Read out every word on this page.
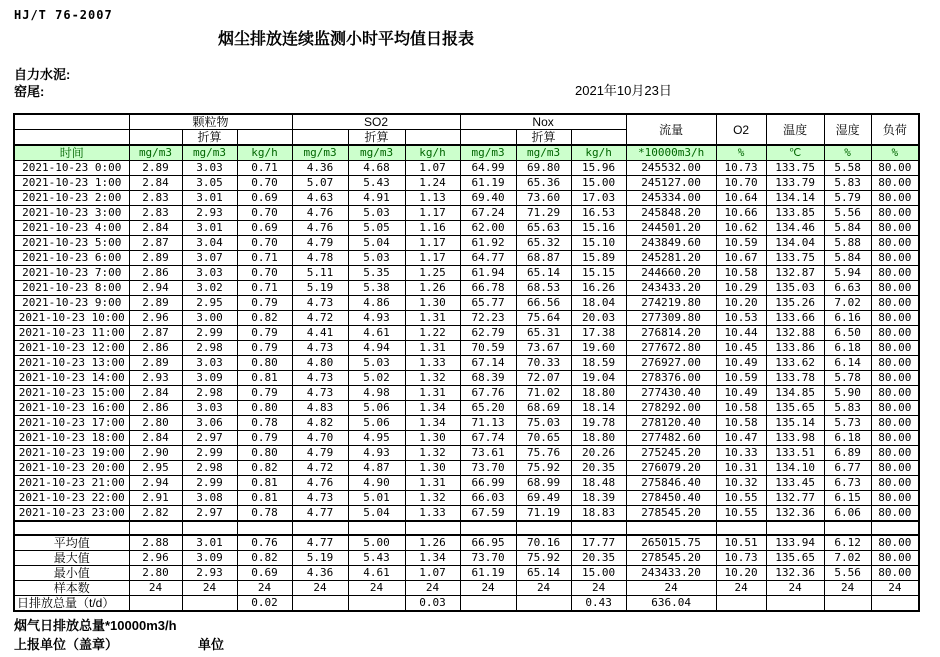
HJ/T 76-2007
烟尘排放连续监测小时平均值日报表
自力水泥:
窑尾:	2021年10月23日
	颗粒物			SO2			Nox			流量	O2	温度	湿度	负荷
		折算			折算			折算						
时间	mg/m3	mg/m3	kg/h	mg/m3	mg/m3	kg/h	mg/m3	mg/m3	kg/h	*10000m3/h	%	℃	%	%
2021-10-23 0:00	2.89	3.03	0.71	4.36	4.68	1.07	64.99	69.80	15.96	245532.00	10.73	133.75	5.58	80.00
2021-10-23 1:00	2.84	3.05	0.70	5.07	5.43	1.24	61.19	65.36	15.00	245127.00	10.70	133.79	5.83	80.00
2021-10-23 2:00	2.83	3.01	0.69	4.63	4.91	1.13	69.40	73.60	17.03	245334.00	10.64	134.14	5.79	80.00
2021-10-23 3:00	2.83	2.93	0.70	4.76	5.03	1.17	67.24	71.29	16.53	245848.20	10.66	133.85	5.56	80.00
2021-10-23 4:00	2.84	3.01	0.69	4.76	5.05	1.16	62.00	65.63	15.16	244501.20	10.62	134.46	5.84	80.00
2021-10-23 5:00	2.87	3.04	0.70	4.79	5.04	1.17	61.92	65.32	15.10	243849.60	10.59	134.04	5.88	80.00
2021-10-23 6:00	2.89	3.07	0.71	4.78	5.03	1.17	64.77	68.87	15.89	245281.20	10.67	133.75	5.84	80.00
2021-10-23 7:00	2.86	3.03	0.70	5.11	5.35	1.25	61.94	65.14	15.15	244660.20	10.58	132.87	5.94	80.00
2021-10-23 8:00	2.94	3.02	0.71	5.19	5.38	1.26	66.78	68.53	16.26	243433.20	10.29	135.03	6.63	80.00
2021-10-23 9:00	2.89	2.95	0.79	4.73	4.86	1.30	65.77	66.56	18.04	274219.80	10.20	135.26	7.02	80.00
2021-10-23 10:00	2.96	3.00	0.82	4.72	4.93	1.31	72.23	75.64	20.03	277309.80	10.53	133.66	6.16	80.00
2021-10-23 11:00	2.87	2.99	0.79	4.41	4.61	1.22	62.79	65.31	17.38	276814.20	10.44	132.88	6.50	80.00
2021-10-23 12:00	2.86	2.98	0.79	4.73	4.94	1.31	70.59	73.67	19.60	277672.80	10.45	133.86	6.18	80.00
2021-10-23 13:00	2.89	3.03	0.80	4.80	5.03	1.33	67.14	70.33	18.59	276927.00	10.49	133.62	6.14	80.00
2021-10-23 14:00	2.93	3.09	0.81	4.73	5.02	1.32	68.39	72.07	19.04	278376.00	10.59	133.78	5.78	80.00
2021-10-23 15:00	2.84	2.98	0.79	4.73	4.98	1.31	67.76	71.02	18.80	277430.40	10.49	134.85	5.90	80.00
2021-10-23 16:00	2.86	3.03	0.80	4.83	5.06	1.34	65.20	68.69	18.14	278292.00	10.58	135.65	5.83	80.00
2021-10-23 17:00	2.80	3.06	0.78	4.82	5.06	1.34	71.13	75.03	19.78	278120.40	10.58	135.14	5.73	80.00
2021-10-23 18:00	2.84	2.97	0.79	4.70	4.95	1.30	67.74	70.65	18.80	277482.60	10.47	133.98	6.18	80.00
2021-10-23 19:00	2.90	2.99	0.80	4.79	4.93	1.32	73.61	75.76	20.26	275245.20	10.33	133.51	6.89	80.00
2021-10-23 20:00	2.95	2.98	0.82	4.72	4.87	1.30	73.70	75.92	20.35	276079.20	10.31	134.10	6.77	80.00
2021-10-23 21:00	2.94	2.99	0.81	4.76	4.90	1.31	66.99	68.99	18.48	275846.40	10.32	133.45	6.73	80.00
2021-10-23 22:00	2.91	3.08	0.81	4.73	5.01	1.32	66.03	69.49	18.39	278450.40	10.55	132.77	6.15	80.00
2021-10-23 23:00	2.82	2.97	0.78	4.77	5.04	1.33	67.59	71.19	18.83	278545.20	10.55	132.36	6.06	80.00

平均值	2.88	3.01	0.76	4.77	5.00	1.26	66.95	70.16	17.77	265015.75	10.51	133.94	6.12	80.00
最大值	2.96	3.09	0.82	5.19	5.43	1.34	73.70	75.92	20.35	278545.20	10.73	135.65	7.02	80.00
最小值	2.80	2.93	0.69	4.36	4.61	1.07	61.19	65.14	15.00	243433.20	10.20	132.36	5.56	80.00
样本数	24	24	24	24	24	24	24	24	24	24	24	24	24	24
日排放总量（t/d）			0.02			0.03			0.43	636.04				
烟气日排放总量*10000m3/h
上报单位（盖章）	单位
